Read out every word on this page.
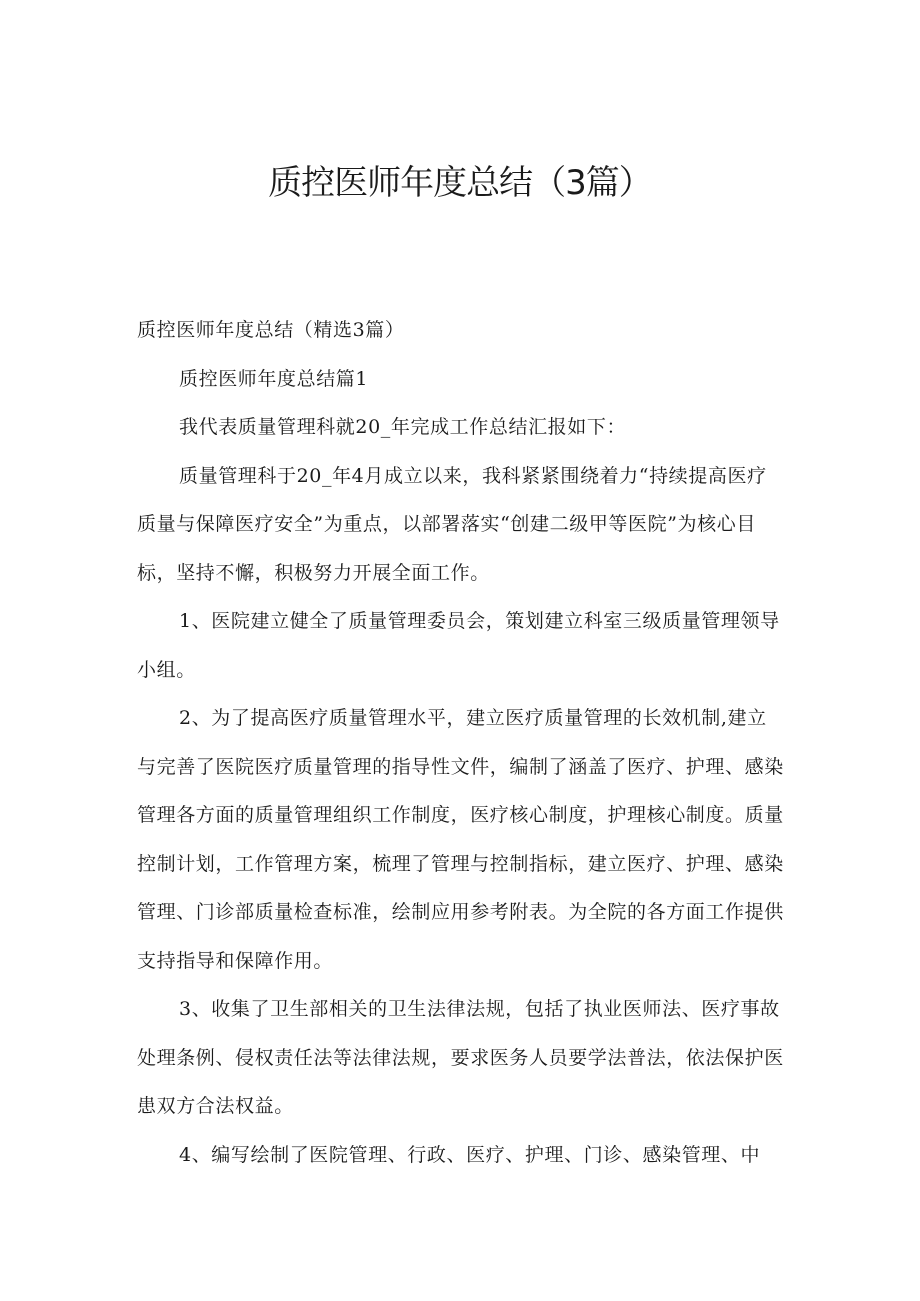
质控医师年度总结（3篇）

质控医师年度总结（精选3篇）

质控医师年度总结篇1

我代表质量管理科就20_年完成工作总结汇报如下：

质量管理科于20_年4月成立以来，我科紧紧围绕着力“持续提高医疗质量与保障医疗安全”为重点，以部署落实“创建二级甲等医院”为核心目标，坚持不懈，积极努力开展全面工作。

1、医院建立健全了质量管理委员会，策划建立科室三级质量管理领导小组。

2、为了提高医疗质量管理水平，建立医疗质量管理的长效机制,建立与完善了医院医疗质量管理的指导性文件，编制了涵盖了医疗、护理、感染管理各方面的质量管理组织工作制度，医疗核心制度，护理核心制度。质量控制计划，工作管理方案，梳理了管理与控制指标，建立医疗、护理、感染管理、门诊部质量检查标准，绘制应用参考附表。为全院的各方面工作提供支持指导和保障作用。

3、收集了卫生部相关的卫生法律法规，包括了执业医师法、医疗事故处理条例、侵权责任法等法律法规，要求医务人员要学法普法，依法保护医患双方合法权益。

4、编写绘制了医院管理、行政、医疗、护理、门诊、感染管理、中
